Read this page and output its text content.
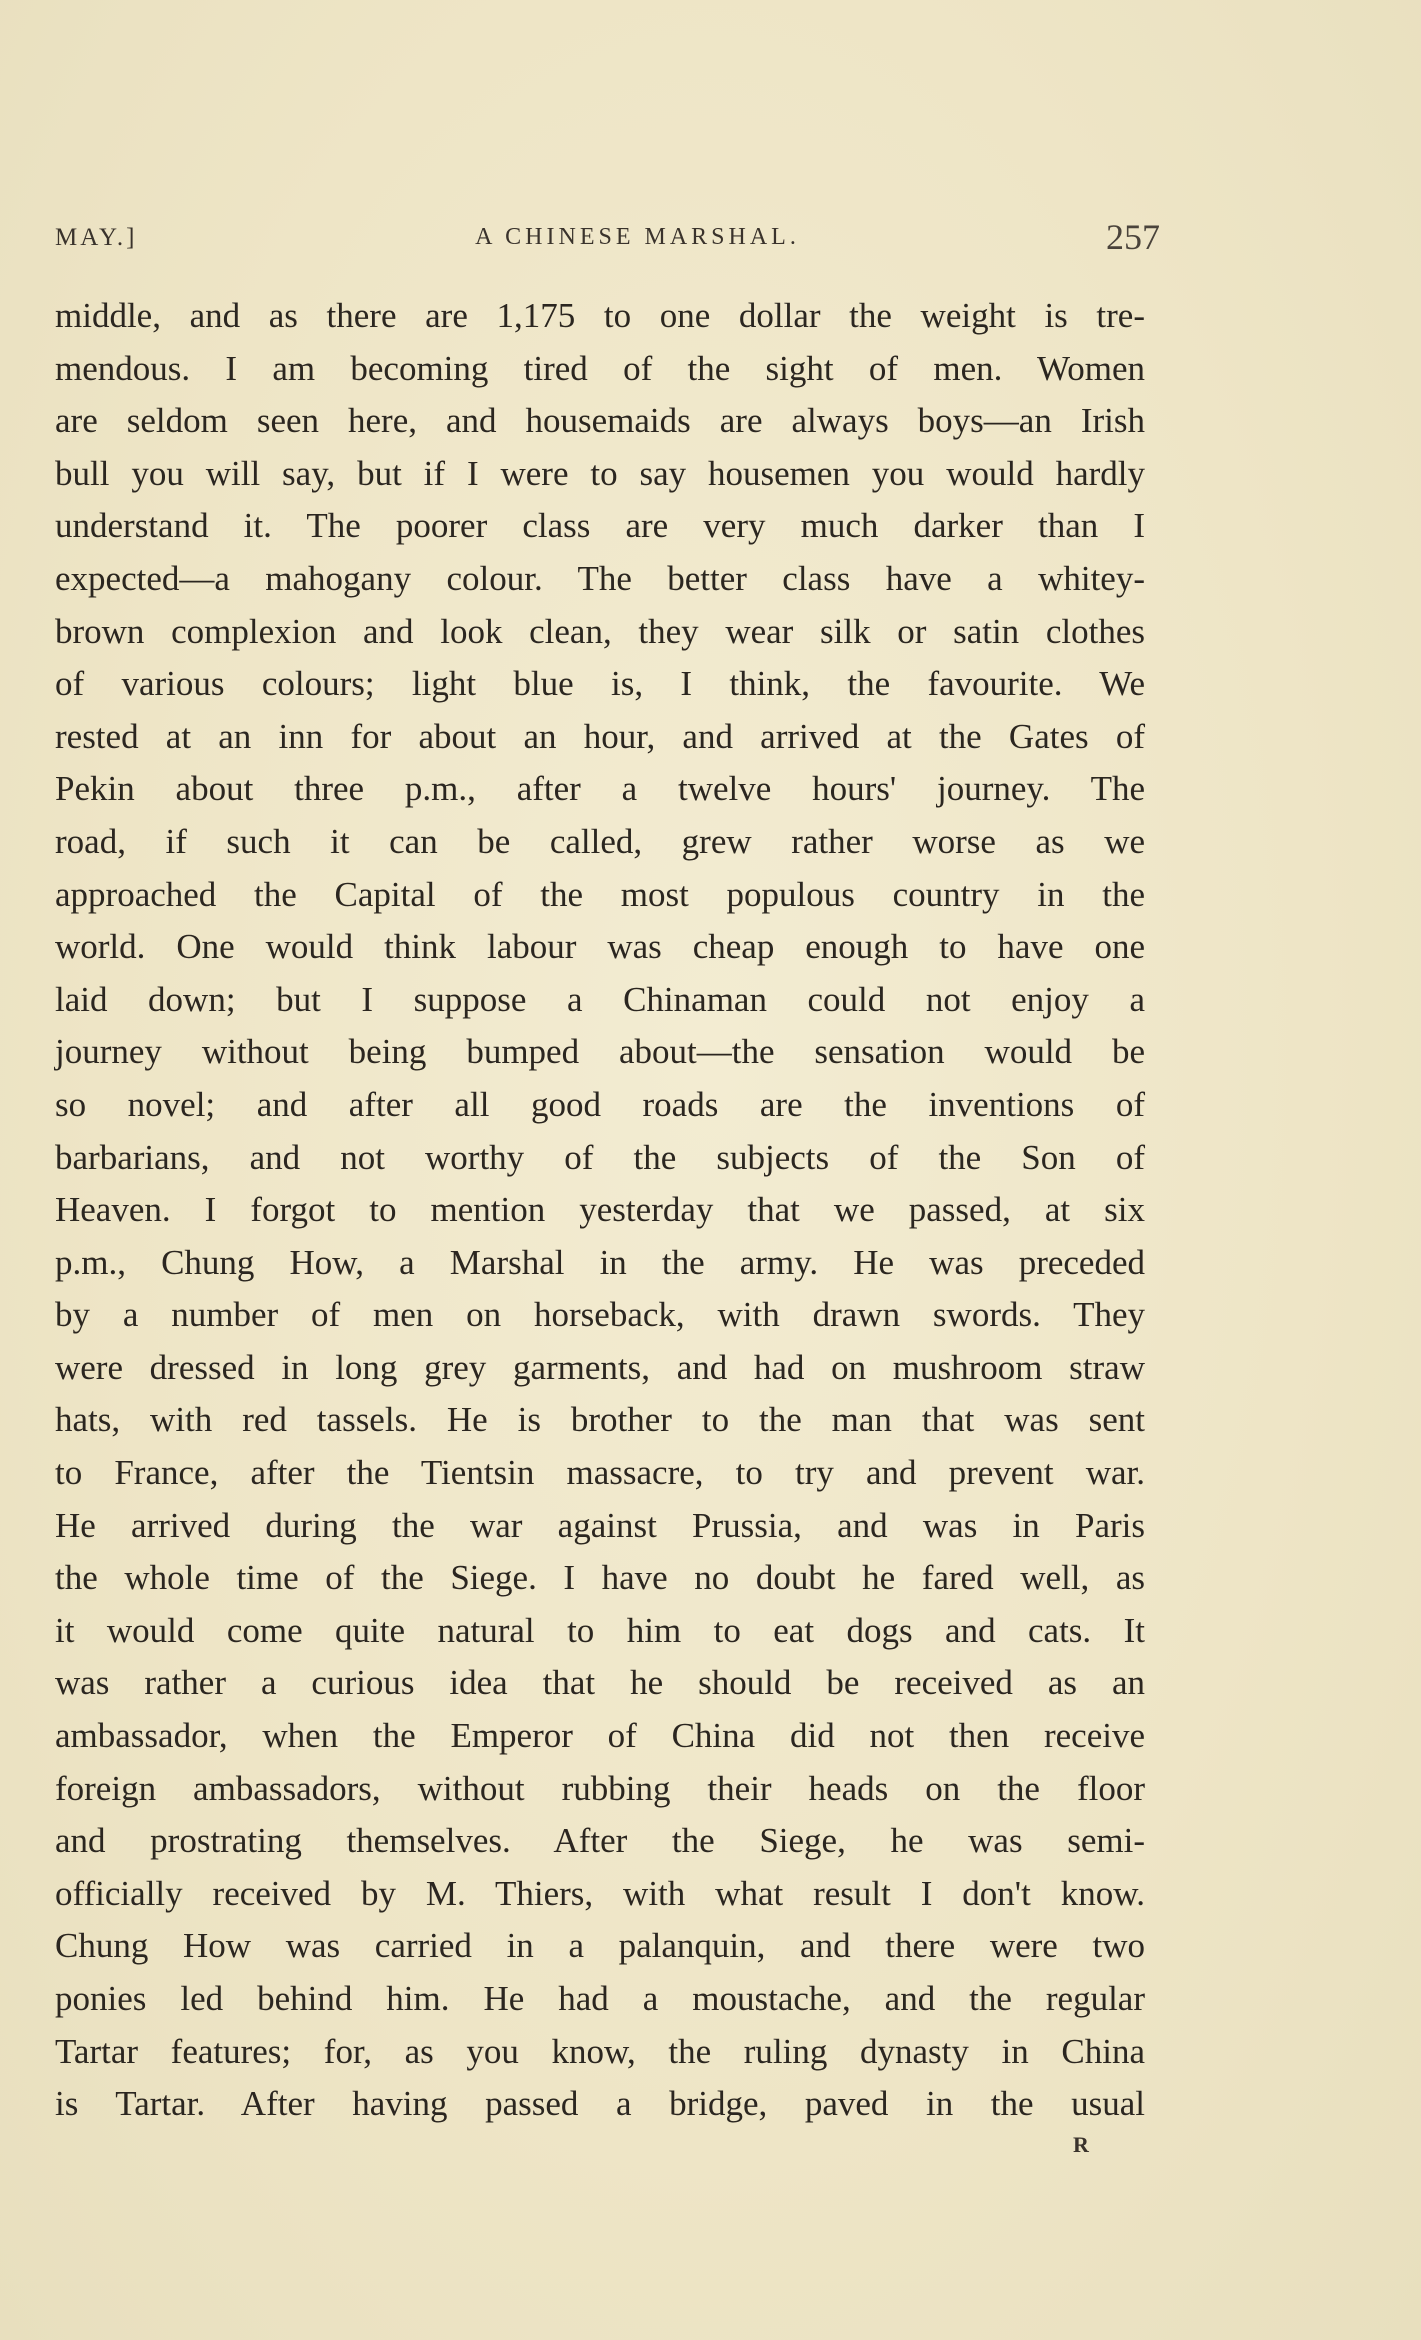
MAY.]	A CHINESE MARSHAL.	257
middle, and as there are 1,175 to one dollar the weight is tre-
mendous. I am becoming tired of the sight of men. Women
are seldom seen here, and housemaids are always boys—an Irish
bull you will say, but if I were to say housemen you would hardly
understand it. The poorer class are very much darker than I
expected—a mahogany colour. The better class have a whitey-
brown complexion and look clean, they wear silk or satin clothes
of various colours; light blue is, I think, the favourite. We
rested at an inn for about an hour, and arrived at the Gates of
Pekin about three p.m., after a twelve hours' journey. The
road, if such it can be called, grew rather worse as we
approached the Capital of the most populous country in the
world. One would think labour was cheap enough to have one
laid down; but I suppose a Chinaman could not enjoy a
journey without being bumped about—the sensation would be
so novel; and after all good roads are the inventions of
barbarians, and not worthy of the subjects of the Son of
Heaven. I forgot to mention yesterday that we passed, at six
p.m., Chung How, a Marshal in the army. He was preceded
by a number of men on horseback, with drawn swords. They
were dressed in long grey garments, and had on mushroom straw
hats, with red tassels. He is brother to the man that was sent
to France, after the Tientsin massacre, to try and prevent war.
He arrived during the war against Prussia, and was in Paris
the whole time of the Siege. I have no doubt he fared well, as
it would come quite natural to him to eat dogs and cats. It
was rather a curious idea that he should be received as an
ambassador, when the Emperor of China did not then receive
foreign ambassadors, without rubbing their heads on the floor
and prostrating themselves. After the Siege, he was semi-
officially received by M. Thiers, with what result I don't know.
Chung How was carried in a palanquin, and there were two
ponies led behind him. He had a moustache, and the regular
Tartar features; for, as you know, the ruling dynasty in China
is Tartar. After having passed a bridge, paved in the usual
R
